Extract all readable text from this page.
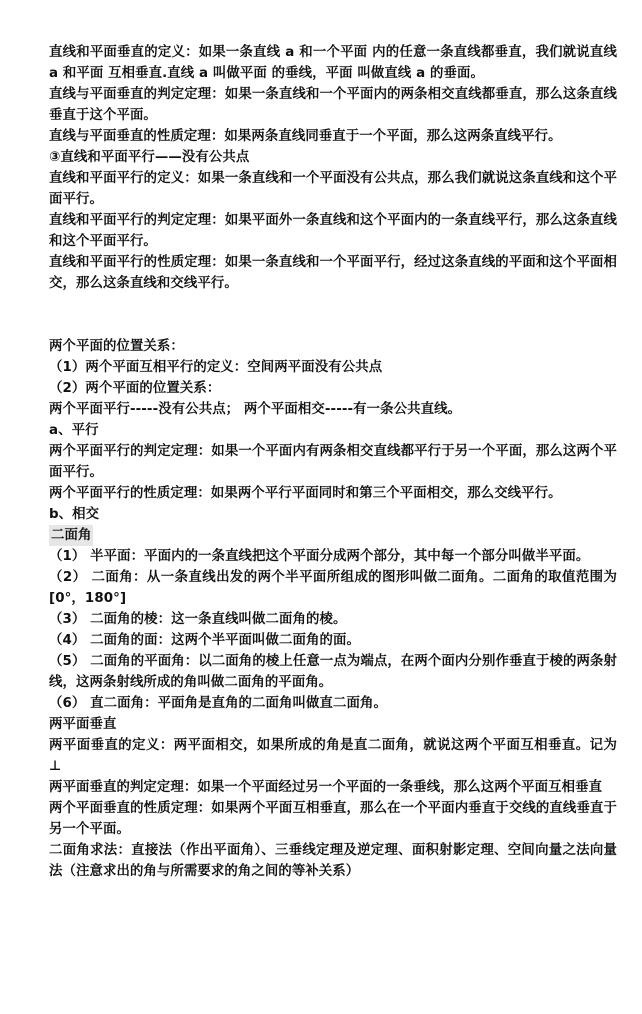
直线和平面垂直的定义：如果一条直线 a 和一个平面 内的任意一条直线都垂直，我们就说直线 a 和平面 互相垂直.直线 a 叫做平面 的垂线，平面 叫做直线 a 的垂面。

直线与平面垂直的判定定理：如果一条直线和一个平面内的两条相交直线都垂直，那么这条直线垂直于这个平面。

直线与平面垂直的性质定理：如果两条直线同垂直于一个平面，那么这两条直线平行。

③直线和平面平行——没有公共点

直线和平面平行的定义：如果一条直线和一个平面没有公共点，那么我们就说这条直线和这个平面平行。

直线和平面平行的判定定理：如果平面外一条直线和这个平面内的一条直线平行，那么这条直线和这个平面平行。

直线和平面平行的性质定理：如果一条直线和一个平面平行，经过这条直线的平面和这个平面相交，那么这条直线和交线平行。

两个平面的位置关系：

（1）两个平面互相平行的定义：空间两平面没有公共点

（2）两个平面的位置关系：

两个平面平行-----没有公共点； 两个平面相交-----有一条公共直线。

a、平行

两个平面平行的判定定理：如果一个平面内有两条相交直线都平行于另一个平面，那么这两个平面平行。

两个平面平行的性质定理：如果两个平行平面同时和第三个平面相交，那么交线平行。

b、相交

二面角

（1） 半平面：平面内的一条直线把这个平面分成两个部分，其中每一个部分叫做半平面。

（2） 二面角：从一条直线出发的两个半平面所组成的图形叫做二面角。二面角的取值范围为 [0°，180°]

（3） 二面角的棱：这一条直线叫做二面角的棱。

（4） 二面角的面：这两个半平面叫做二面角的面。

（5） 二面角的平面角：以二面角的棱上任意一点为端点，在两个面内分别作垂直于棱的两条射线，这两条射线所成的角叫做二面角的平面角。

（6） 直二面角：平面角是直角的二面角叫做直二面角。

两平面垂直

两平面垂直的定义：两平面相交，如果所成的角是直二面角，就说这两个平面互相垂直。记为 ⊥

两平面垂直的判定定理：如果一个平面经过另一个平面的一条垂线，那么这两个平面互相垂直

两个平面垂直的性质定理：如果两个平面互相垂直，那么在一个平面内垂直于交线的直线垂直于另一个平面。

二面角求法：直接法（作出平面角）、三垂线定理及逆定理、面积射影定理、空间向量之法向量法（注意求出的角与所需要求的角之间的等补关系）
